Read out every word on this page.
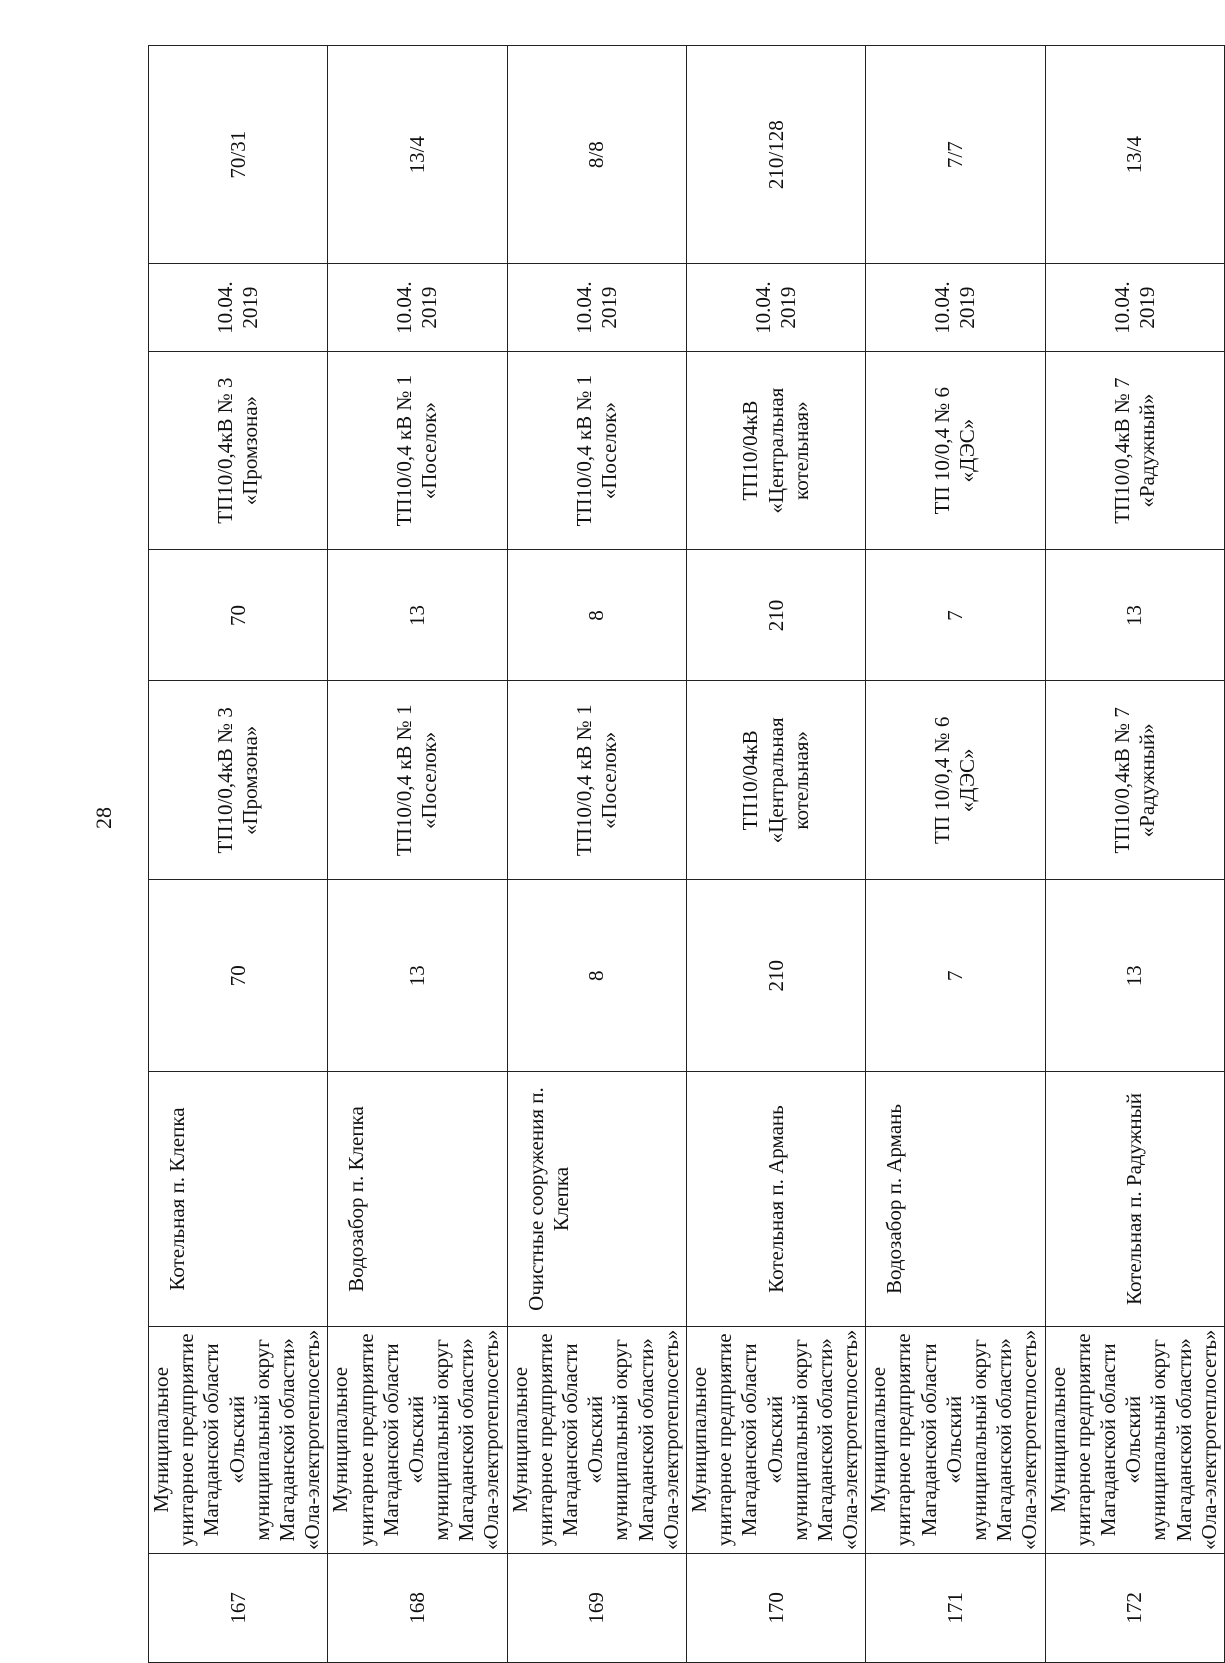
28
167	Муниципальное унитарное предприятие Магаданской области «Ольский муниципальный округ Магаданской области» «Ола-электротеплосеть»	Котельная п. Клепка	70	ТП10/0,4кВ № 3 «Промзона»	70	ТП10/0,4кВ № 3 «Промзона»	10.04. 2019	70/31
168	Муниципальное унитарное предприятие Магаданской области «Ольский муниципальный округ Магаданской области» «Ола-электротеплосеть»	Водозабор п. Клепка	13	ТП10/0,4 кВ № 1 «Поселок»	13	ТП10/0,4 кВ № 1 «Поселок»	10.04. 2019	13/4
169	Муниципальное унитарное предприятие Магаданской области «Ольский муниципальный округ Магаданской области» «Ола-электротеплосеть»	Очистные сооружения п. Клепка	8	ТП10/0,4 кВ № 1 «Поселок»	8	ТП10/0,4 кВ № 1 «Поселок»	10.04. 2019	8/8
170	Муниципальное унитарное предприятие Магаданской области «Ольский муниципальный округ Магаданской области» «Ола-электротеплосеть»	Котельная п. Армань	210	ТП10/04кВ «Центральная котельная»	210	ТП10/04кВ «Центральная котельная»	10.04. 2019	210/128
171	Муниципальное унитарное предприятие Магаданской области «Ольский муниципальный округ Магаданской области» «Ола-электротеплосеть»	Водозабор п. Армань	7	ТП 10/0,4 № 6 «ДЭС»	7	ТП 10/0,4 № 6 «ДЭС»	10.04. 2019	7/7
172	Муниципальное унитарное предприятие Магаданской области «Ольский муниципальный округ Магаданской области» «Ола-электротеплосеть»	Котельная п. Радужный	13	ТП10/0,4кВ № 7 «Радужный»	13	ТП10/0,4кВ № 7 «Радужный»	10.04. 2019	13/4
